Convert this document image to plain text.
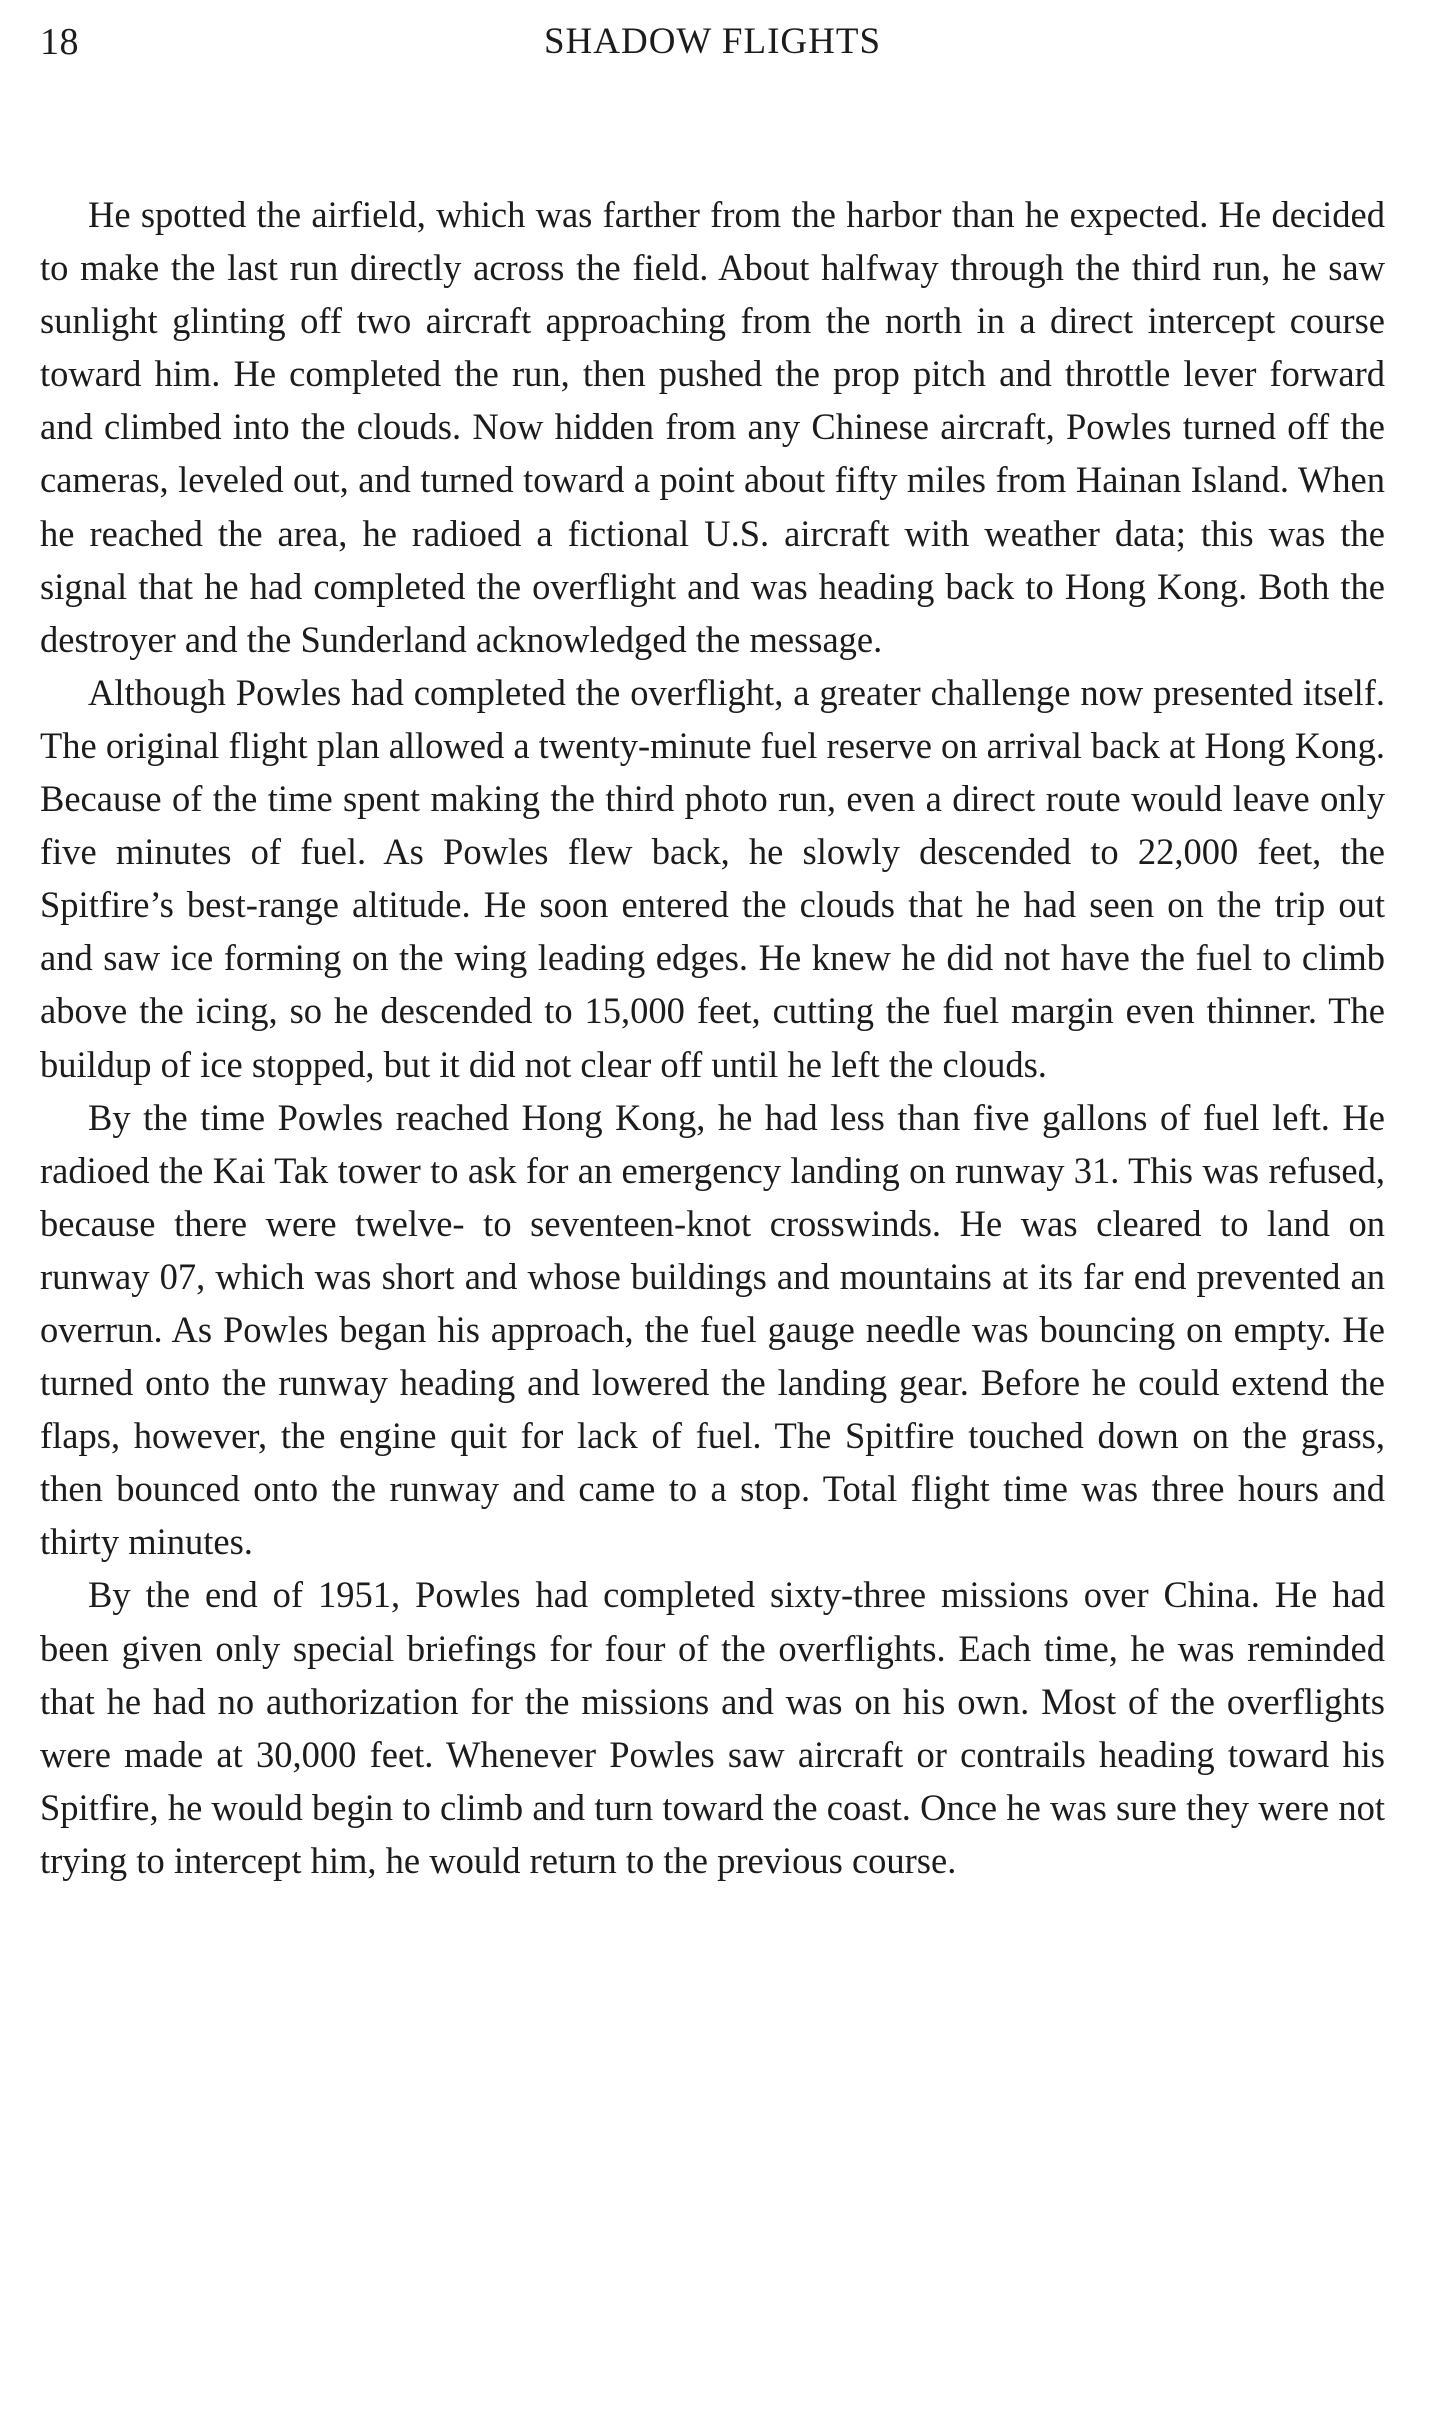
18	SHADOW FLIGHTS

He spotted the airfield, which was farther from the harbor than he expected. He decided to make the last run directly across the field. About halfway through the third run, he saw sunlight glinting off two aircraft approaching from the north in a direct intercept course toward him. He completed the run, then pushed the prop pitch and throttle lever forward and climbed into the clouds. Now hidden from any Chinese aircraft, Powles turned off the cameras, leveled out, and turned toward a point about fifty miles from Hainan Island. When he reached the area, he radioed a fictional U.S. aircraft with weather data; this was the signal that he had completed the overflight and was heading back to Hong Kong. Both the destroyer and the Sunderland acknowledged the message.

Although Powles had completed the overflight, a greater challenge now presented itself. The original flight plan allowed a twenty-minute fuel reserve on arrival back at Hong Kong. Because of the time spent making the third photo run, even a direct route would leave only five minutes of fuel. As Powles flew back, he slowly descended to 22,000 feet, the Spitfire’s best-range altitude. He soon entered the clouds that he had seen on the trip out and saw ice forming on the wing leading edges. He knew he did not have the fuel to climb above the icing, so he descended to 15,000 feet, cutting the fuel margin even thinner. The buildup of ice stopped, but it did not clear off until he left the clouds.

By the time Powles reached Hong Kong, he had less than five gallons of fuel left. He radioed the Kai Tak tower to ask for an emergency landing on runway 31. This was refused, because there were twelve- to seventeen-knot crosswinds. He was cleared to land on runway 07, which was short and whose buildings and mountains at its far end prevented an overrun. As Powles began his approach, the fuel gauge needle was bouncing on empty. He turned onto the runway heading and lowered the landing gear. Before he could extend the flaps, however, the engine quit for lack of fuel. The Spitfire touched down on the grass, then bounced onto the runway and came to a stop. Total flight time was three hours and thirty minutes.

By the end of 1951, Powles had completed sixty-three missions over China. He had been given only special briefings for four of the overflights. Each time, he was reminded that he had no authorization for the missions and was on his own. Most of the overflights were made at 30,000 feet. Whenever Powles saw aircraft or contrails heading toward his Spitfire, he would begin to climb and turn toward the coast. Once he was sure they were not trying to intercept him, he would return to the previous course.
